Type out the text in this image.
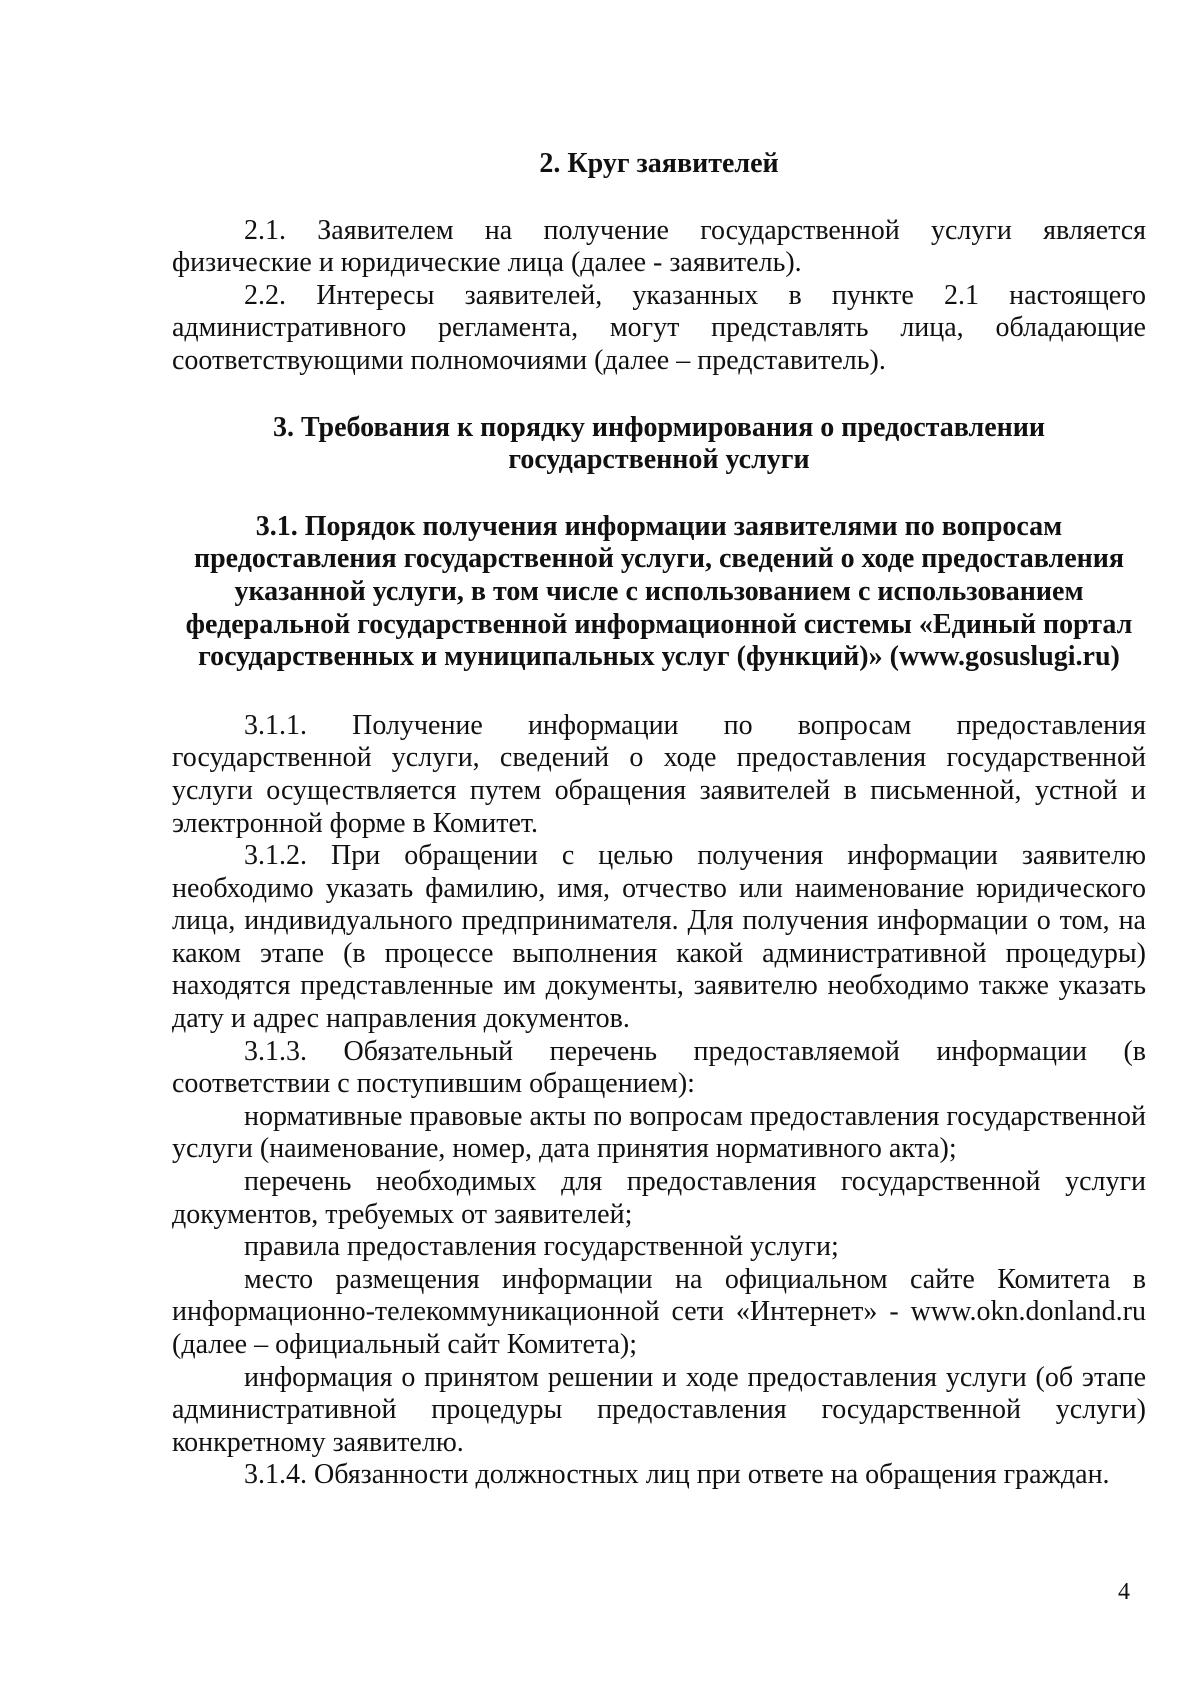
2. Круг заявителей

2.1. Заявителем на получение государственной услуги является физические и юридические лица (далее - заявитель).

2.2. Интересы заявителей, указанных в пункте 2.1 настоящего административного регламента, могут представлять лица, обладающие соответствующими полномочиями (далее – представитель).

3. Требования к порядку информирования о предоставлении

государственной услуги

3.1. Порядок получения информации заявителями по вопросам предоставления государственной услуги, сведений о ходе предоставления указанной услуги, в том числе с использованием с использованием федеральной государственной информационной системы «Единый портал государственных и муниципальных услуг (функций)» (www.gosuslugi.ru)

3.1.1. Получение информации по вопросам предоставления государственной услуги, сведений о ходе предоставления государственной услуги осуществляется путем обращения заявителей в письменной, устной и электронной форме в Комитет.

3.1.2. При обращении с целью получения информации заявителю необходимо указать фамилию, имя, отчество или наименование юридического лица, индивидуального предпринимателя. Для получения информации о том, на каком этапе (в процессе выполнения какой административной процедуры) находятся представленные им документы, заявителю необходимо также указать дату и адрес направления документов.

3.1.3. Обязательный перечень предоставляемой информации (в соответствии с поступившим обращением):

нормативные правовые акты по вопросам предоставления государственной услуги (наименование, номер, дата принятия нормативного акта);

перечень необходимых для предоставления государственной услуги документов, требуемых от заявителей;

правила предоставления государственной услуги;

место размещения информации на официальном сайте Комитета в информационно-телекоммуникационной сети «Интернет» - www.okn.donland.ru (далее – официальный сайт Комитета);

информация о принятом решении и ходе предоставления услуги (об этапе административной процедуры предоставления государственной услуги) конкретному заявителю.

3.1.4. Обязанности должностных лиц при ответе на обращения граждан.

4
